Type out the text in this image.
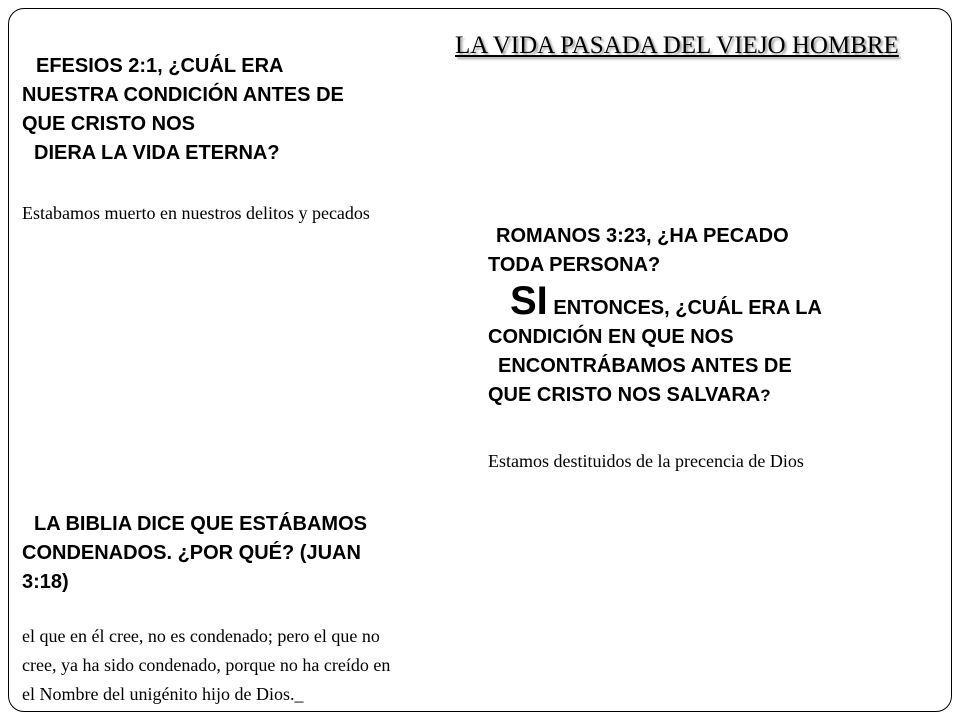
LA VIDA PASADA DEL VIEJO HOMBRE
EFESIOS 2:1, ¿CUÁL ERA
NUESTRA CONDICIÓN ANTES DE
QUE CRISTO NOS
DIERA LA VIDA ETERNA?
Estabamos muerto en nuestros delitos y pecados
ROMANOS 3:23, ¿HA PECADO
TODA PERSONA?
SI ENTONCES, ¿CUÁL ERA LA
CONDICIÓN EN QUE NOS
ENCONTRÁBAMOS ANTES DE
QUE CRISTO NOS SALVARA?
Estamos destituidos de la precencia de Dios
LA BIBLIA DICE QUE ESTÁBAMOS
CONDENADOS. ¿POR QUÉ? (JUAN
3:18)
el que en él cree, no es condenado; pero el que no
cree, ya ha sido condenado, porque no ha creído en
el Nombre del unigénito hijo de Dios._
